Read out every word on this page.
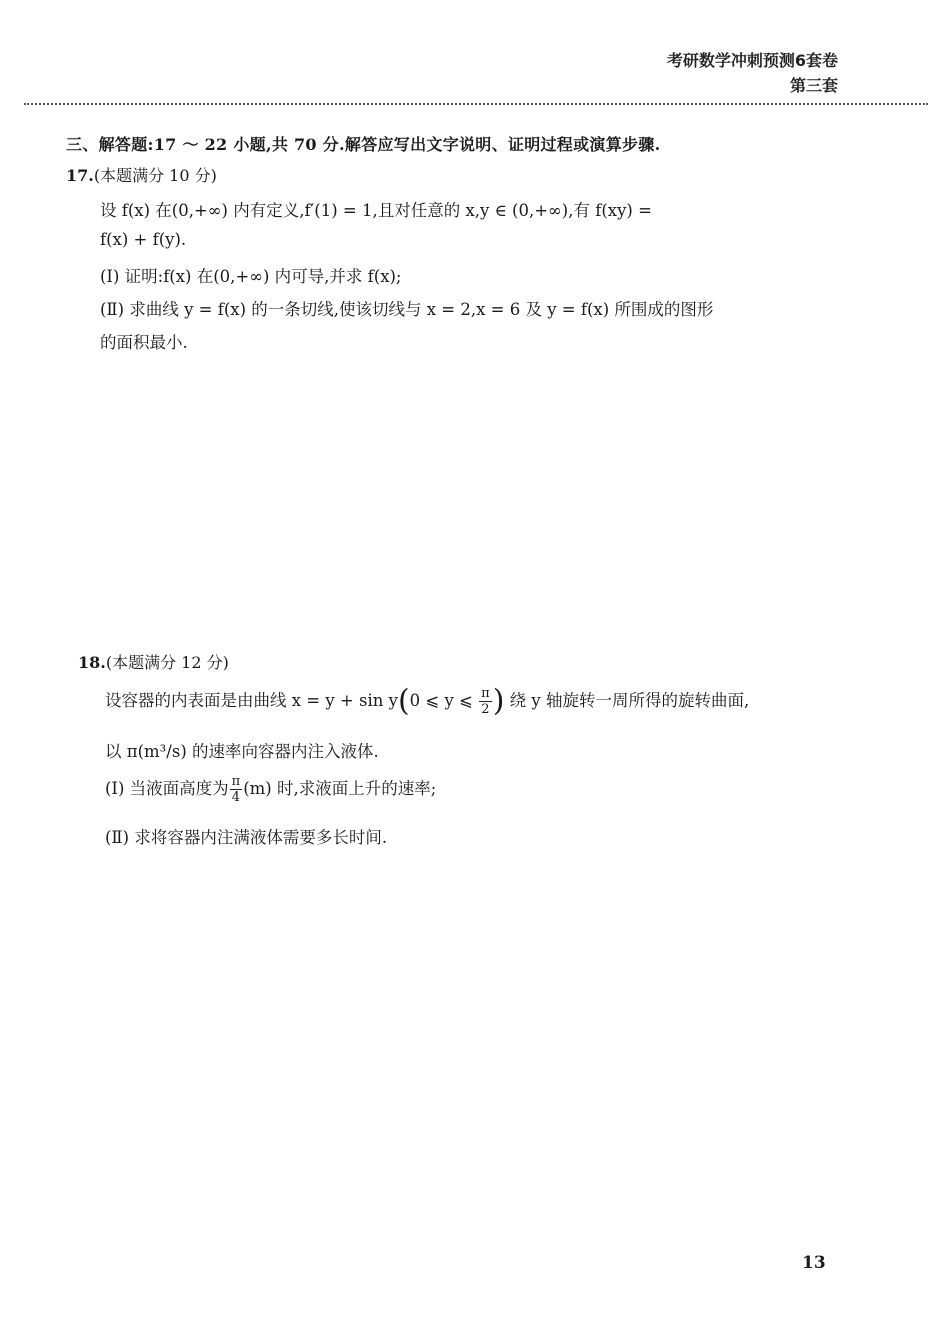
考研数学冲刺预测6套卷
第三套
三、解答题:17 ～ 22 小题,共 70 分.解答应写出文字说明、证明过程或演算步骤.
17.(本题满分 10 分)
设 f(x) 在(0,+∞) 内有定义,f′(1) = 1,且对任意的 x,y ∈ (0,+∞),有 f(xy) =
f(x) + f(y).
(Ⅰ) 证明:f(x) 在(0,+∞) 内可导,并求 f(x);
(Ⅱ) 求曲线 y = f(x) 的一条切线,使该切线与 x = 2,x = 6 及 y = f(x) 所围成的图形
的面积最小.
18.(本题满分 12 分)
设容器的内表面是由曲线 x = y + sin y(0 ⩽ y ⩽ $\frac{\pi}{2}$ ) 绕 y 轴旋转一周所得的旋转曲面,
以 π(m³/s) 的速率向容器内注入液体.
(Ⅰ) 当液面高度为 $\frac{\pi}{4} (m)$ 时,求液面上升的速率;
(Ⅱ) 求将容器内注满液体需要多长时间.
13
